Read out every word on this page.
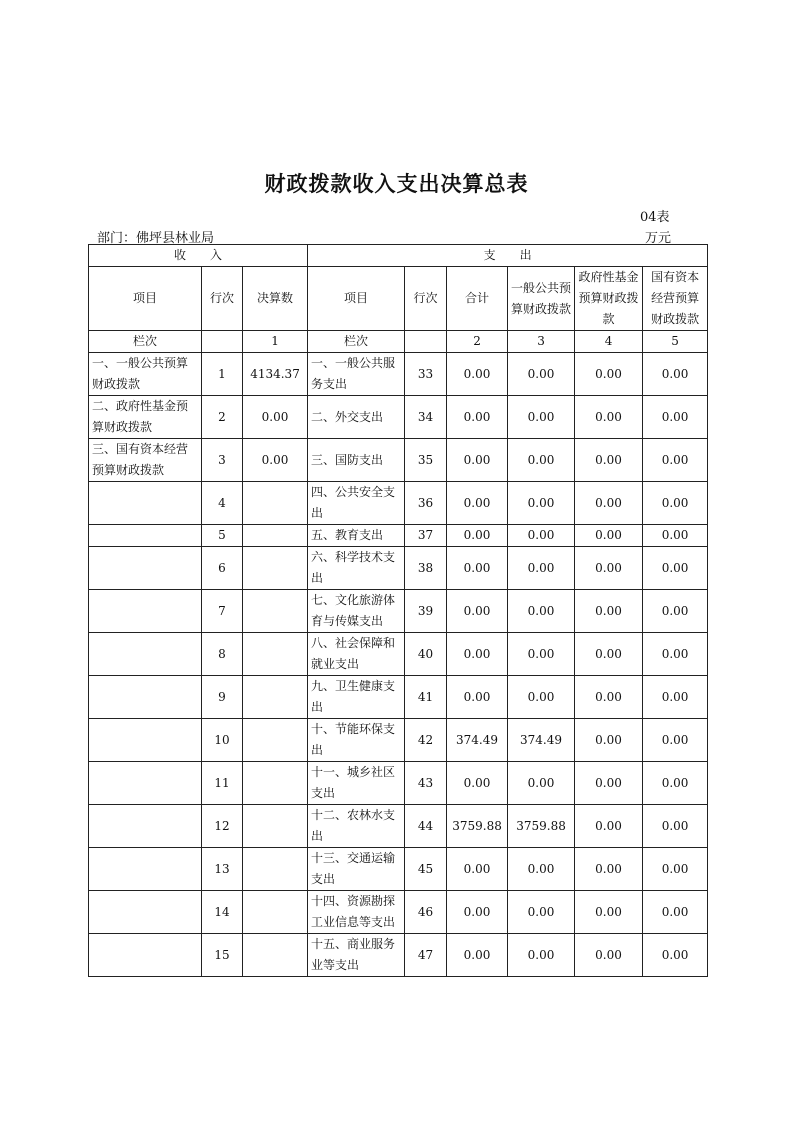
财政拨款收入支出决算总表
04表
部门：佛坪县林业局	万元
收　　入			支　　出					
项目	行次	决算数	项目	行次	合计	一般公共预算财政拨款	政府性基金预算财政拨款	国有资本经营预算财政拨款
栏次		1	栏次		2	3	4	5
一、一般公共预算财政拨款	1	4134.37	一、一般公共服务支出	33	0.00	0.00	0.00	0.00
二、政府性基金预算财政拨款	2	0.00	二、外交支出	34	0.00	0.00	0.00	0.00
三、国有资本经营预算财政拨款	3	0.00	三、国防支出	35	0.00	0.00	0.00	0.00
	4		四、公共安全支出	36	0.00	0.00	0.00	0.00
	5		五、教育支出	37	0.00	0.00	0.00	0.00
	6		六、科学技术支出	38	0.00	0.00	0.00	0.00
	7		七、文化旅游体育与传媒支出	39	0.00	0.00	0.00	0.00
	8		八、社会保障和就业支出	40	0.00	0.00	0.00	0.00
	9		九、卫生健康支出	41	0.00	0.00	0.00	0.00
	10		十、节能环保支出	42	374.49	374.49	0.00	0.00
	11		十一、城乡社区支出	43	0.00	0.00	0.00	0.00
	12		十二、农林水支出	44	3759.88	3759.88	0.00	0.00
	13		十三、交通运输支出	45	0.00	0.00	0.00	0.00
	14		十四、资源勘探工业信息等支出	46	0.00	0.00	0.00	0.00
	15		十五、商业服务业等支出	47	0.00	0.00	0.00	0.00
